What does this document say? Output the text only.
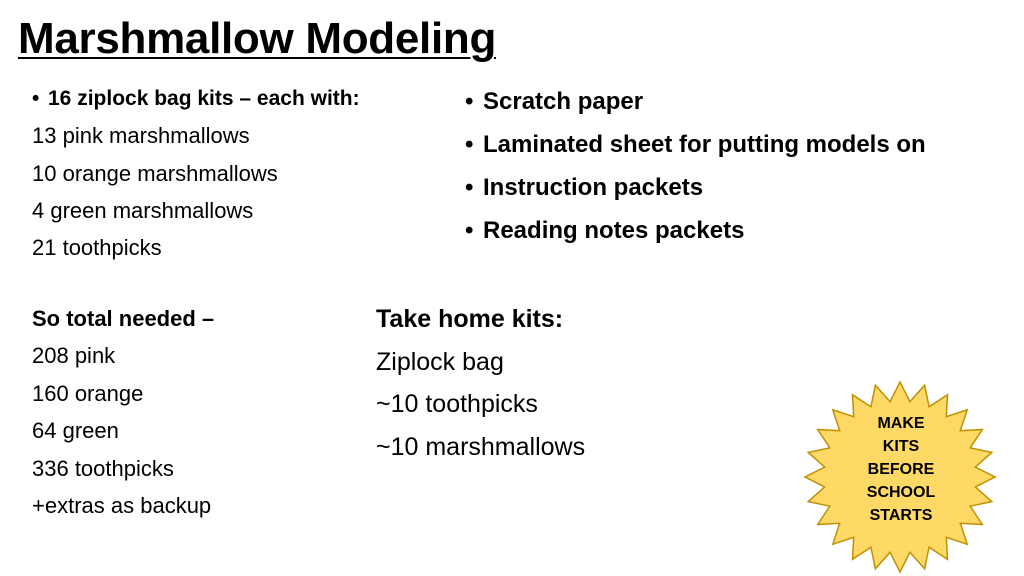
Marshmallow Modeling
• 16 ziplock bag kits – each with:
13 pink marshmallows
10 orange marshmallows
4 green marshmallows
21 toothpicks
• Scratch paper
• Laminated sheet for putting models on
• Instruction packets
• Reading notes packets
So total needed –
208 pink
160 orange
64 green
336 toothpicks
+extras as backup
Take home kits:
Ziplock bag
~10 toothpicks
~10 marshmallows
MAKE
KITS
BEFORE
SCHOOL
STARTS
